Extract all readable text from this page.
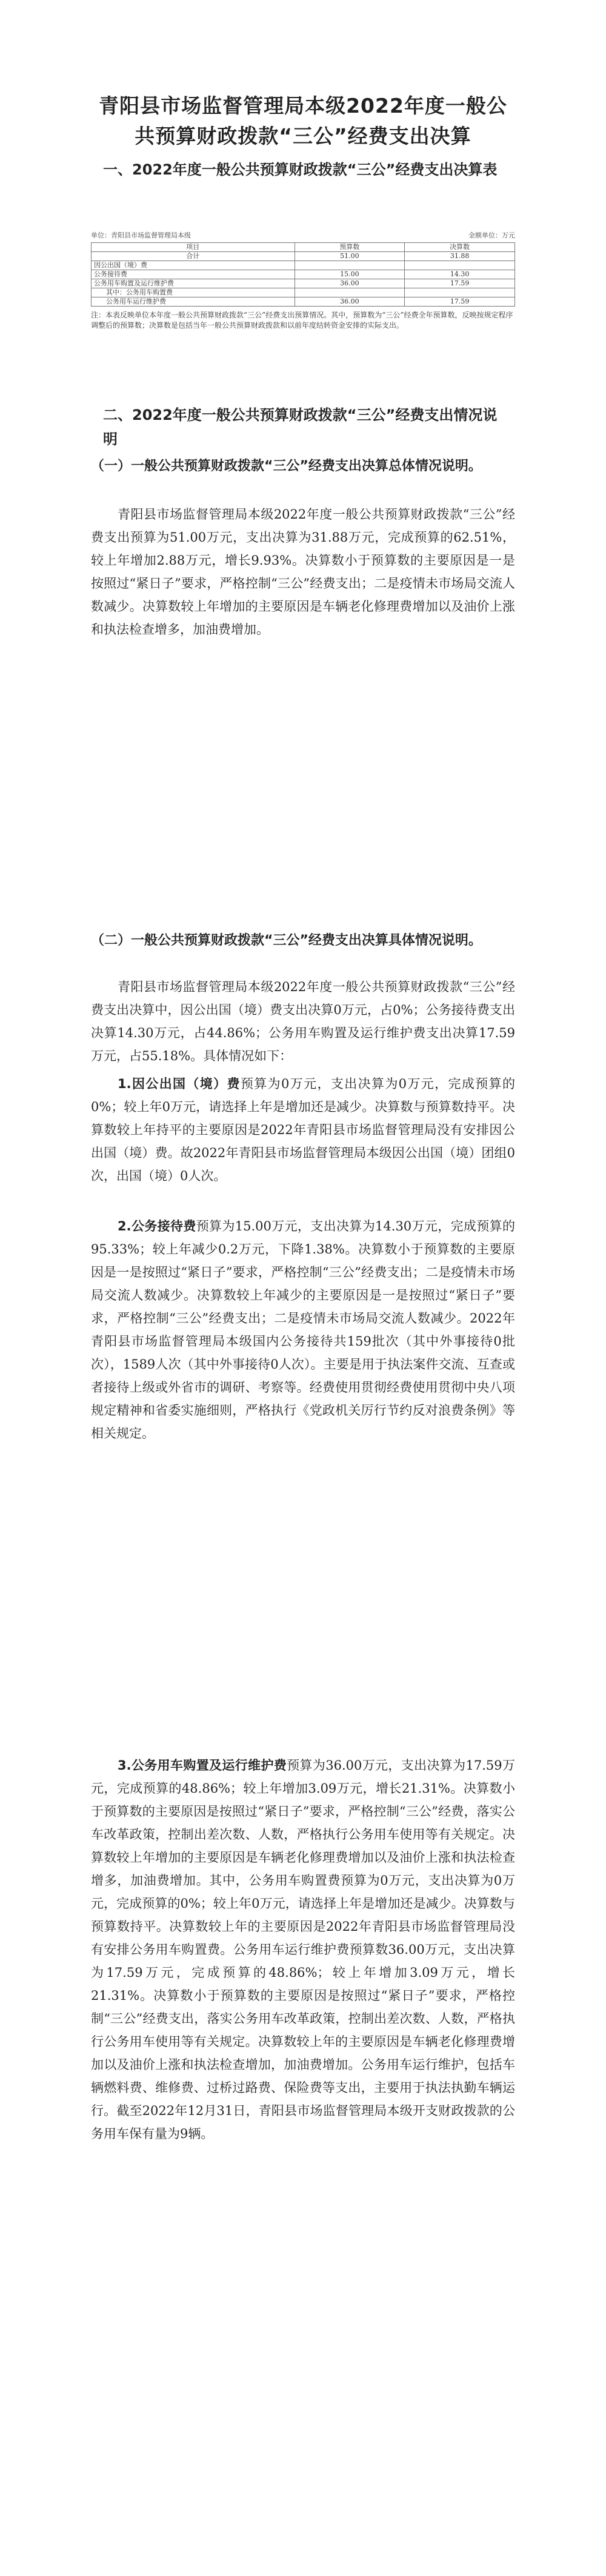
青阳县市场监督管理局本级2022年度一般公共预算财政拨款“三公”经费支出决算
一、2022年度一般公共预算财政拨款“三公”经费支出决算表
单位：青阳县市场监督管理局本级	金额单位：万元
项目	预算数	决算数
合计	51.00	31.88
因公出国（境）费		
公务接待费	15.00	14.30
公务用车购置及运行维护费	36.00	17.59
其中：公务用车购置费		
公务用车运行维护费	36.00	17.59
注：本表反映单位本年度一般公共预算财政拨款“三公”经费支出预算情况。其中，预算数为“三公”经费全年预算数，反映按规定程序调整后的预算数；决算数是包括当年一般公共预算财政拨款和以前年度结转资金安排的实际支出。
二、2022年度一般公共预算财政拨款“三公”经费支出情况说明
（一）一般公共预算财政拨款“三公”经费支出决算总体情况说明。

青阳县市场监督管理局本级2022年度一般公共预算财政拨款“三公”经费支出预算为51.00万元，支出决算为31.88万元，完成预算的62.51%，较上年增加2.88万元，增长9.93%。决算数小于预算数的主要原因是一是按照过“紧日子”要求，严格控制“三公”经费支出；二是疫情未市场局交流人数减少。决算数较上年增加的主要原因是车辆老化修理费增加以及油价上涨和执法检查增多，加油费增加。

（二）一般公共预算财政拨款“三公”经费支出决算具体情况说明。

青阳县市场监督管理局本级2022年度一般公共预算财政拨款“三公”经费支出决算中，因公出国（境）费支出决算0万元，占0%；公务接待费支出决算14.30万元，占44.86%；公务用车购置及运行维护费支出决算17.59万元，占55.18%。具体情况如下：

1.因公出国（境）费预算为0万元，支出决算为0万元，完成预算的0%；较上年0万元，请选择上年是增加还是减少。决算数与预算数持平。决算数较上年持平的主要原因是2022年青阳县市场监督管理局没有安排因公出国（境）费。故2022年青阳县市场监督管理局本级因公出国（境）团组0次，出国（境）0人次。

2.公务接待费预算为15.00万元，支出决算为14.30万元，完成预算的95.33%；较上年减少0.2万元，下降1.38%。决算数小于预算数的主要原因是一是按照过“紧日子”要求，严格控制“三公”经费支出；二是疫情未市场局交流人数减少。决算数较上年减少的主要原因是一是按照过“紧日子”要求，严格控制“三公”经费支出；二是疫情未市场局交流人数减少。2022年青阳县市场监督管理局本级国内公务接待共159批次（其中外事接待0批次），1589人次（其中外事接待0人次）。主要是用于执法案件交流、互查或者接待上级或外省市的调研、考察等。经费使用贯彻经费使用贯彻中央八项规定精神和省委实施细则，严格执行《党政机关厉行节约反对浪费条例》等相关规定。

3.公务用车购置及运行维护费预算为36.00万元，支出决算为17.59万元，完成预算的48.86%；较上年增加3.09万元，增长21.31%。决算数小于预算数的主要原因是按照过“紧日子”要求，严格控制“三公”经费，落实公车改革政策，控制出差次数、人数，严格执行公务用车使用等有关规定。决算数较上年增加的主要原因是车辆老化修理费增加以及油价上涨和执法检查增多，加油费增加。其中，公务用车购置费预算为0万元，支出决算为0万元，完成预算的0%；较上年0万元，请选择上年是增加还是减少。决算数与预算数持平。决算数较上年的主要原因是2022年青阳县市场监督管理局没有安排公务用车购置费。公务用车运行维护费预算数36.00万元，支出决算为17.59万元，完成预算的48.86%；较上年增加3.09万元，增长21.31%。决算数小于预算数的主要原因是按照过“紧日子”要求，严格控制“三公”经费支出，落实公务用车改革政策，控制出差次数、人数，严格执行公务用车使用等有关规定。决算数较上年的主要原因是车辆老化修理费增加以及油价上涨和执法检查增加，加油费增加。公务用车运行维护，包括车辆燃料费、维修费、过桥过路费、保险费等支出，主要用于执法执勤车辆运行。截至2022年12月31日，青阳县市场监督管理局本级开支财政拨款的公务用车保有量为9辆。
